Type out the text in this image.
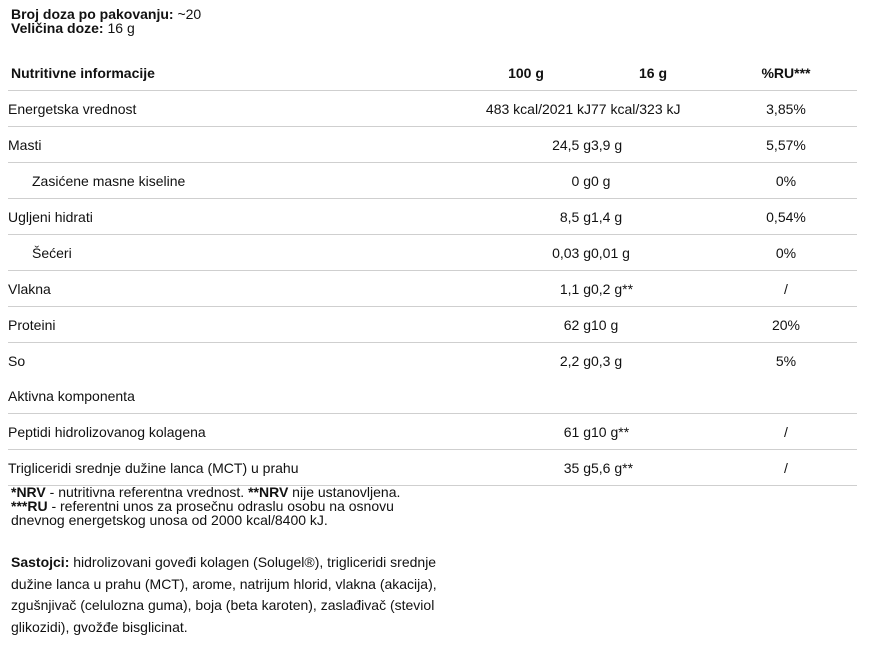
Broj doza po pakovanju: ~20
Veličina doze: 16 g
Nutritivne informacije	100 g	16 g	%RU***
Energetska vrednost	483 kcal/2021 kJ	77 kcal/323 kJ	3,85%
Masti	24,5 g	3,9 g	5,57%
Zasićene masne kiseline	0 g	0 g	0%
Ugljeni hidrati	8,5 g	1,4 g	0,54%
Šećeri	0,03 g	0,01 g	0%
Vlakna	1,1 g	0,2 g**	/
Proteini	62 g	10 g	20%
So	2,2 g	0,3 g	5%
Aktivna komponenta			
Peptidi hidrolizovanog kolagena	61 g	10 g**	/
Trigliceridi srednje dužine lanca (MCT) u prahu	35 g	5,6 g**	/
*NRV - nutritivna referentna vrednost. **NRV nije ustanovljena.
***RU - referentni unos za prosečnu odraslu osobu na osnovu
dnevnog energetskog unosa od 2000 kcal/8400 kJ.
Sastojci: hidrolizovani goveđi kolagen (Solugel®), trigliceridi srednje dužine lanca u prahu (MCT), arome, natrijum hlorid, vlakna (akacija), zgušnjivač (celulozna guma), boja (beta karoten), zaslađivač (steviol glikozidi), gvožđe bisglicinat.
